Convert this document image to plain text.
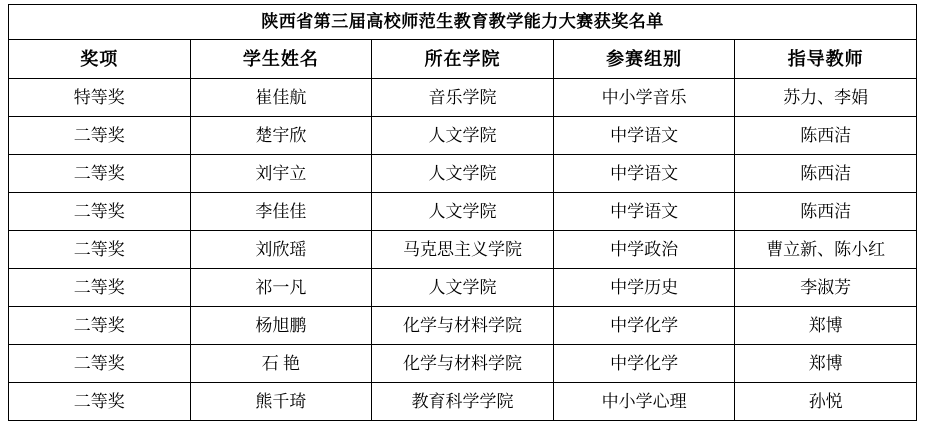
陕西省第三届高校师范生教育教学能力大赛获奖名单				
奖项	学生姓名	所在学院	参赛组别	指导教师
特等奖	崔佳航	音乐学院	中小学音乐	苏力、李娟
二等奖	楚宇欣	人文学院	中学语文	陈西洁
二等奖	刘宇立	人文学院	中学语文	陈西洁
二等奖	李佳佳	人文学院	中学语文	陈西洁
二等奖	刘欣瑶	马克思主义学院	中学政治	曹立新、陈小红
二等奖	祁一凡	人文学院	中学历史	李淑芳
二等奖	杨旭鹏	化学与材料学院	中学化学	郑博
二等奖	石 艳	化学与材料学院	中学化学	郑博
二等奖	熊千琦	教育科学学院	中小学心理	孙悦
